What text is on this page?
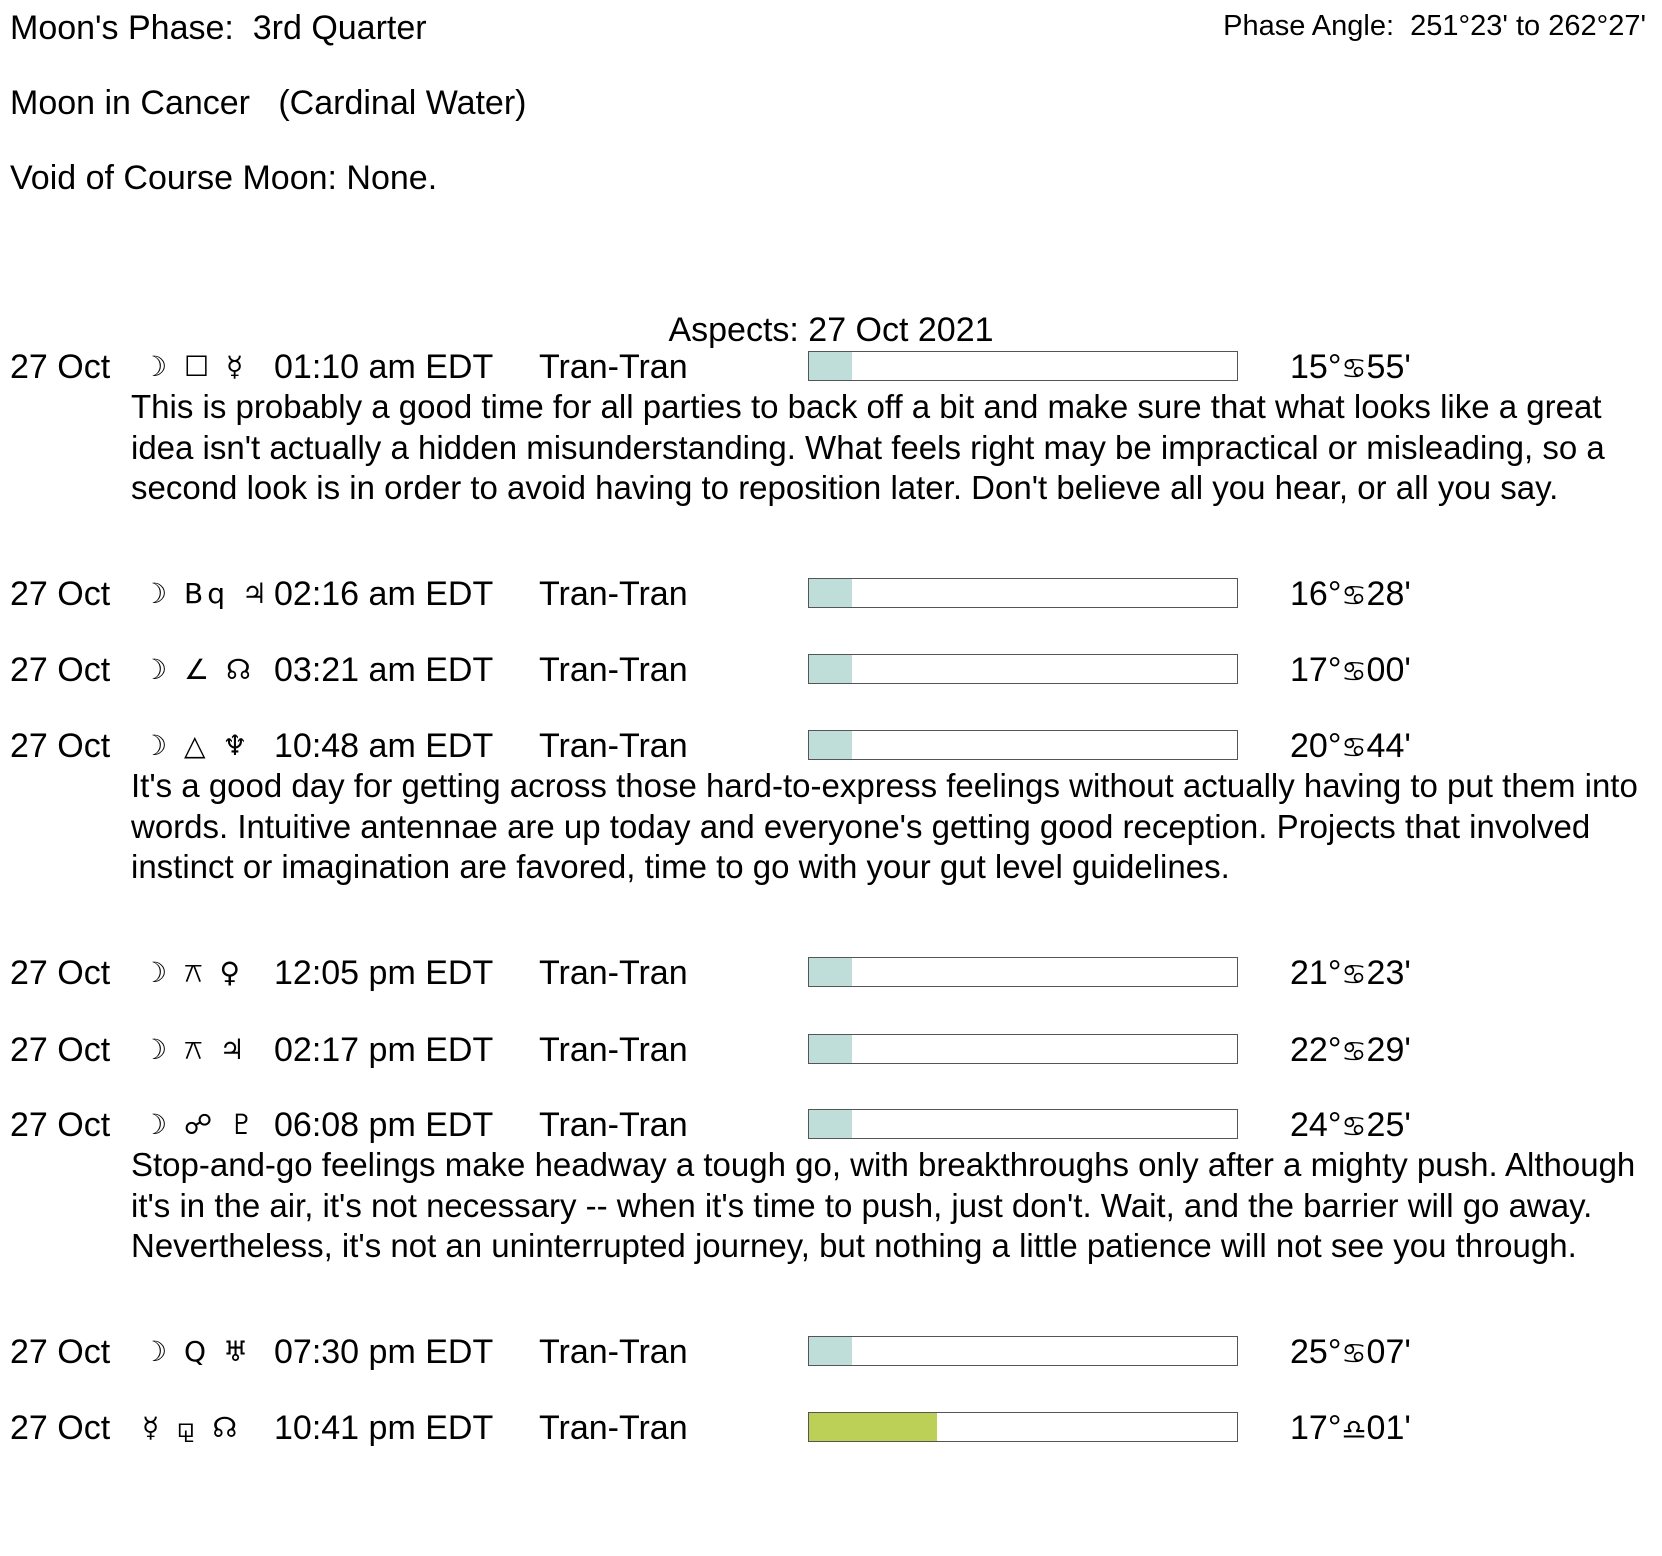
Moon's Phase:  3rd Quarter	Phase Angle:  251°23' to 262°27'
Moon in Cancer   (Cardinal Water)
Void of Course Moon: None.
Aspects: 27 Oct 2021
27 Oct ☽ ☐ ☿ 01:10 am EDT Tran-Tran	15°♋55'
This is probably a good time for all parties to back off a bit and make sure that what looks like a great idea isn't actually a hidden misunderstanding. What feels right may be impractical or misleading, so a second look is in order to avoid having to reposition later. Don't believe all you hear, or all you say.
27 Oct ☽ Bq ♃ 02:16 am EDT Tran-Tran	16°♋28'
27 Oct ☽ ∠ ☊ 03:21 am EDT Tran-Tran	17°♋00'
27 Oct ☽ △ ♆ 10:48 am EDT Tran-Tran	20°♋44'
It's a good day for getting across those hard-to-express feelings without actually having to put them into words. Intuitive antennae are up today and everyone's getting good reception. Projects that involved instinct or imagination are favored, time to go with your gut level guidelines.
27 Oct ☽ ⚻ ♀ 12:05 pm EDT Tran-Tran	21°♋23'
27 Oct ☽ ⚻ ♃ 02:17 pm EDT Tran-Tran	22°♋29'
27 Oct ☽ ☍ ♇ 06:08 pm EDT Tran-Tran	24°♋25'
Stop-and-go feelings make headway a tough go, with breakthroughs only after a mighty push. Although it's in the air, it's not necessary -- when it's time to push, just don't. Wait, and the barrier will go away. Nevertheless, it's not an uninterrupted journey, but nothing a little patience will not see you through.
27 Oct ☽ Q ♅ 07:30 pm EDT Tran-Tran	25°♋07'
27 Oct ☿ ⚼ ☊ 10:41 pm EDT Tran-Tran	17°♎01'
